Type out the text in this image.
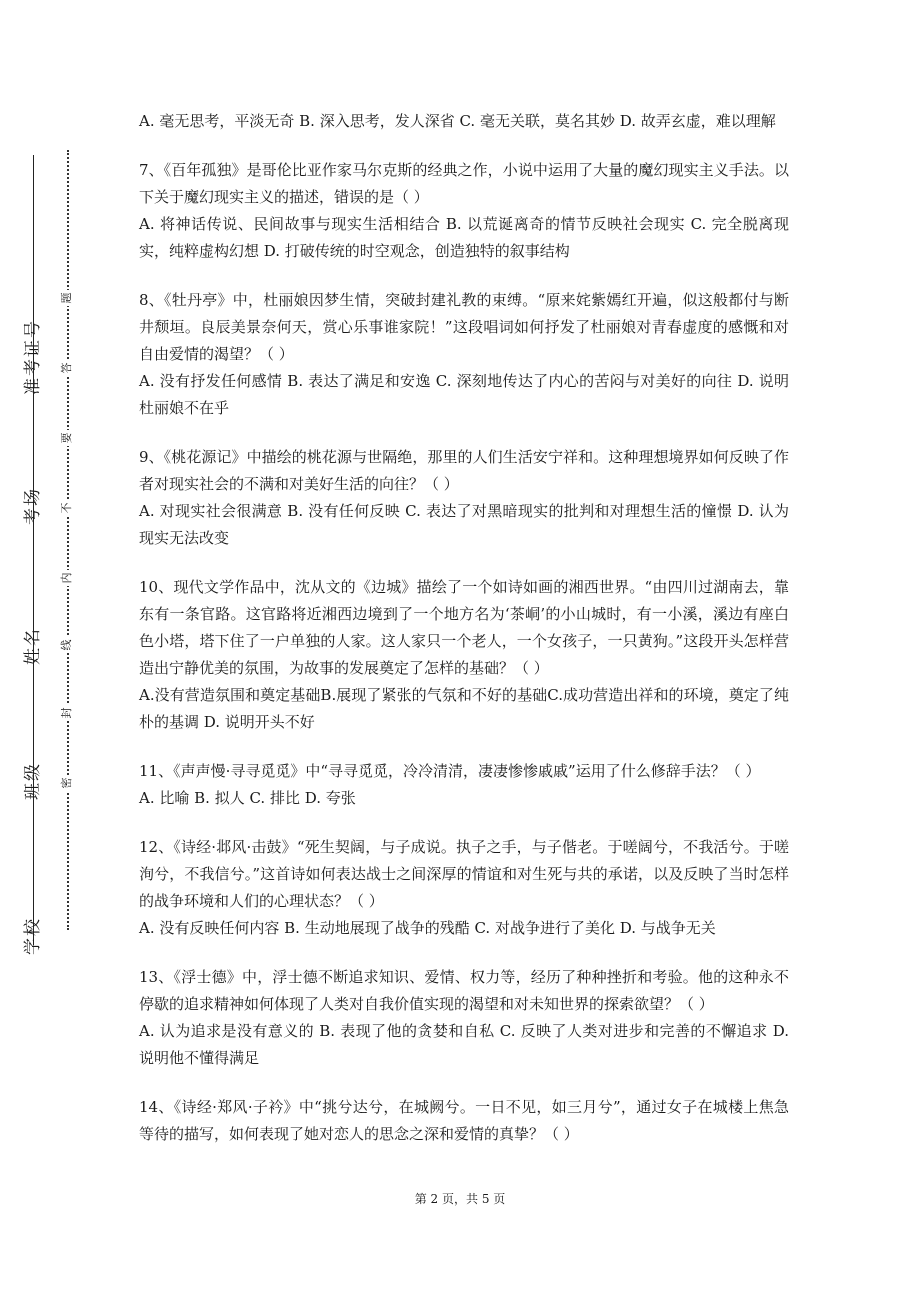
学校
班级
姓名
考场
准考证号
密
封
线
内
不
要
答
题

A. 毫无思考，平淡无奇 B. 深入思考，发人深省 C. 毫无关联，莫名其妙 D. 故弄玄虚，难以理解

7、《百年孤独》是哥伦比亚作家马尔克斯的经典之作，小说中运用了大量的魔幻现实主义手法。以下关于魔幻现实主义的描述，错误的是（ ）

A. 将神话传说、民间故事与现实生活相结合 B. 以荒诞离奇的情节反映社会现实 C. 完全脱离现实，纯粹虚构幻想 D. 打破传统的时空观念，创造独特的叙事结构

8、《牡丹亭》中，杜丽娘因梦生情，突破封建礼教的束缚。“原来姹紫嫣红开遍，似这般都付与断井颓垣。良辰美景奈何天，赏心乐事谁家院！”这段唱词如何抒发了杜丽娘对青春虚度的感慨和对自由爱情的渴望？（ ）

A. 没有抒发任何感情 B. 表达了满足和安逸 C. 深刻地传达了内心的苦闷与对美好的向往 D. 说明杜丽娘不在乎

9、《桃花源记》中描绘的桃花源与世隔绝，那里的人们生活安宁祥和。这种理想境界如何反映了作者对现实社会的不满和对美好生活的向往？（ ）

A. 对现实社会很满意 B. 没有任何反映 C. 表达了对黑暗现实的批判和对理想生活的憧憬 D. 认为现实无法改变

10、现代文学作品中，沈从文的《边城》描绘了一个如诗如画的湘西世界。“由四川过湖南去，靠东有一条官路。这官路将近湘西边境到了一个地方名为‘茶峒’的小山城时，有一小溪，溪边有座白色小塔，塔下住了一户单独的人家。这人家只一个老人，一个女孩子，一只黄狗。”这段开头怎样营造出宁静优美的氛围，为故事的发展奠定了怎样的基础？（ ）

A.没有营造氛围和奠定基础B.展现了紧张的气氛和不好的基础C.成功营造出祥和的环境，奠定了纯朴的基调 D. 说明开头不好

11、《声声慢·寻寻觅觅》中“寻寻觅觅，冷冷清清，凄凄惨惨戚戚”运用了什么修辞手法？（ ）

A. 比喻 B. 拟人 C. 排比 D. 夸张

12、《诗经·邶风·击鼓》“死生契阔，与子成说。执子之手，与子偕老。于嗟阔兮，不我活兮。于嗟洵兮，不我信兮。”这首诗如何表达战士之间深厚的情谊和对生死与共的承诺，以及反映了当时怎样的战争环境和人们的心理状态？（ ）

A. 没有反映任何内容 B. 生动地展现了战争的残酷 C. 对战争进行了美化 D. 与战争无关

13、《浮士德》中，浮士德不断追求知识、爱情、权力等，经历了种种挫折和考验。他的这种永不停歇的追求精神如何体现了人类对自我价值实现的渴望和对未知世界的探索欲望？（ ）

A. 认为追求是没有意义的 B. 表现了他的贪婪和自私 C. 反映了人类对进步和完善的不懈追求 D. 说明他不懂得满足

14、《诗经·郑风·子衿》中“挑兮达兮，在城阙兮。一日不见，如三月兮”，通过女子在城楼上焦急等待的描写，如何表现了她对恋人的思念之深和爱情的真挚？（ ）

第 2 页，共 5 页
